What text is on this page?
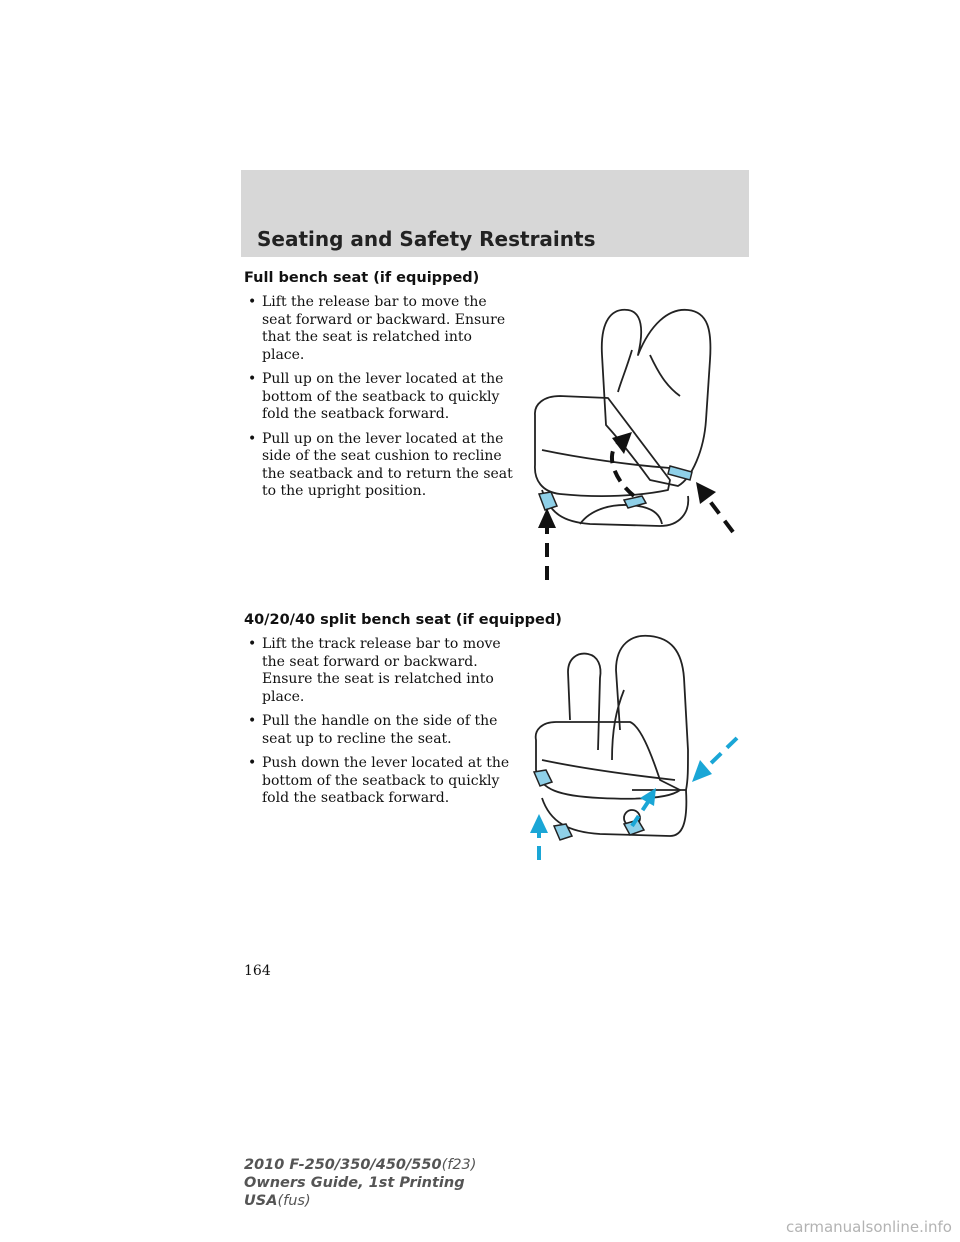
Seating and Safety Restraints
Full bench seat (if equipped)
• Lift the release bar to move the seat forward or backward. Ensure that the seat is relatched into place.
• Pull up on the lever located at the bottom of the seatback to quickly fold the seatback forward.
• Pull up on the lever located at the side of the seat cushion to recline the seatback and to return the seat to the upright position.
40/20/40 split bench seat (if equipped)
• Lift the track release bar to move the seat forward or backward. Ensure the seat is relatched into place.
• Pull the handle on the side of the seat up to recline the seat.
• Push down the lever located at the bottom of the seatback to quickly fold the seatback forward.
164
2010 F-250/350/450/550(f23)
Owners Guide, 1st Printing
USA(fus)
carmanualsonline.info
